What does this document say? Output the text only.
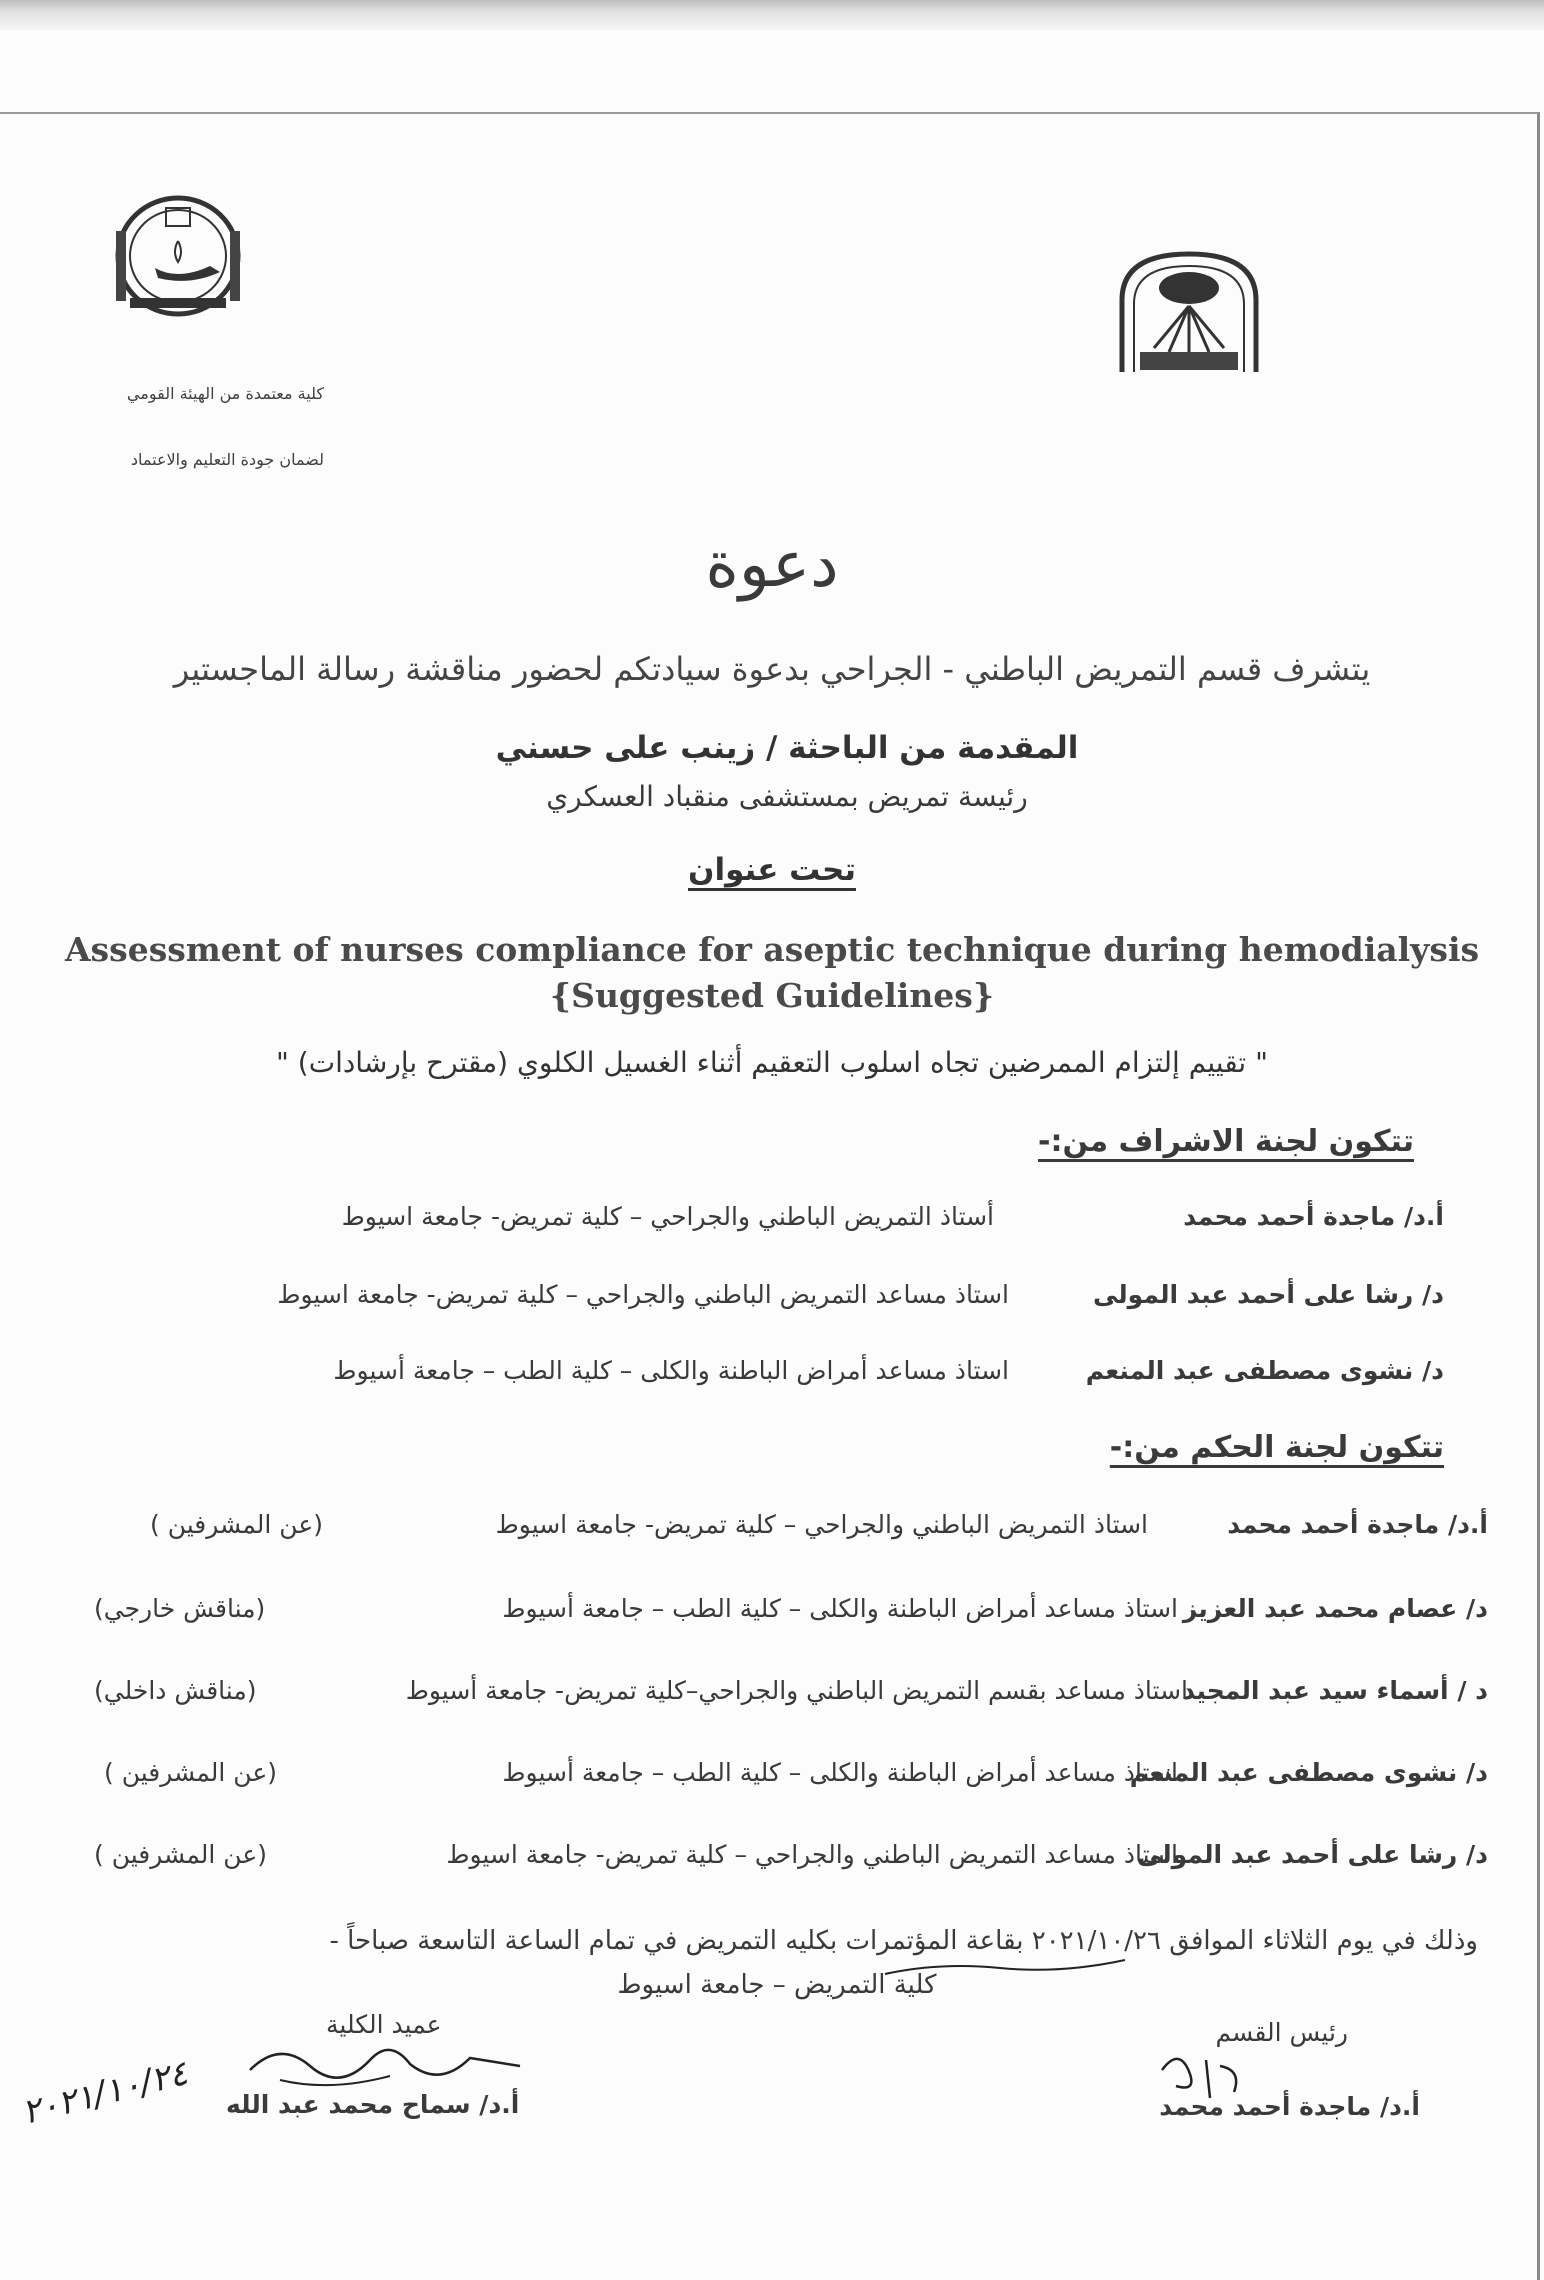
كلية معتمدة من الهيئة القومي
لضمان جودة التعليم والاعتماد
دعوة
يتشرف قسم التمريض الباطني - الجراحي بدعوة سيادتكم لحضور مناقشة رسالة الماجستير
المقدمة من الباحثة / زينب على حسني
رئيسة تمريض بمستشفى منقباد العسكري
تحت عنوان
Assessment of nurses compliance for aseptic technique during hemodialysis
{Suggested Guidelines}
" تقييم إلتزام الممرضين تجاه اسلوب التعقيم أثناء الغسيل الكلوي (مقترح بإرشادات) "
تتكون لجنة الاشراف من:-
أ.د/ ماجدة أحمد محمد
أستاذ التمريض الباطني والجراحي – كلية تمريض- جامعة اسيوط
د/ رشا على أحمد عبد المولى
استاذ مساعد التمريض الباطني والجراحي – كلية تمريض- جامعة اسيوط
د/ نشوى مصطفى عبد المنعم
استاذ مساعد أمراض الباطنة والكلى – كلية الطب – جامعة أسيوط
تتكون لجنة الحكم من:-
أ.د/ ماجدة أحمد محمد
استاذ التمريض الباطني والجراحي – كلية تمريض- جامعة اسيوط
(عن المشرفين )
د/ عصام محمد عبد العزيز
استاذ مساعد أمراض الباطنة والكلى – كلية الطب – جامعة أسيوط
(مناقش خارجي)
د / أسماء سيد عبد المجيد
استاذ مساعد بقسم التمريض الباطني والجراحي–كلية تمريض- جامعة أسيوط
(مناقش داخلي)
د/ نشوى مصطفى عبد المنعم
استاذ مساعد أمراض الباطنة والكلى – كلية الطب – جامعة أسيوط
(عن المشرفين )
د/ رشا على أحمد عبد المولى
استاذ مساعد التمريض الباطني والجراحي – كلية تمريض- جامعة اسيوط
(عن المشرفين )
وذلك في يوم الثلاثاء الموافق ٢٠٢١/١٠/٢٦ بقاعة المؤتمرات بكليه التمريض في تمام الساعة التاسعة صباحاً -
كلية التمريض – جامعة اسيوط
رئيس القسم
أ.د/ ماجدة أحمد محمد
عميد الكلية
أ.د/ سماح محمد عبد الله
٢٠٢١/١٠/٢٤
